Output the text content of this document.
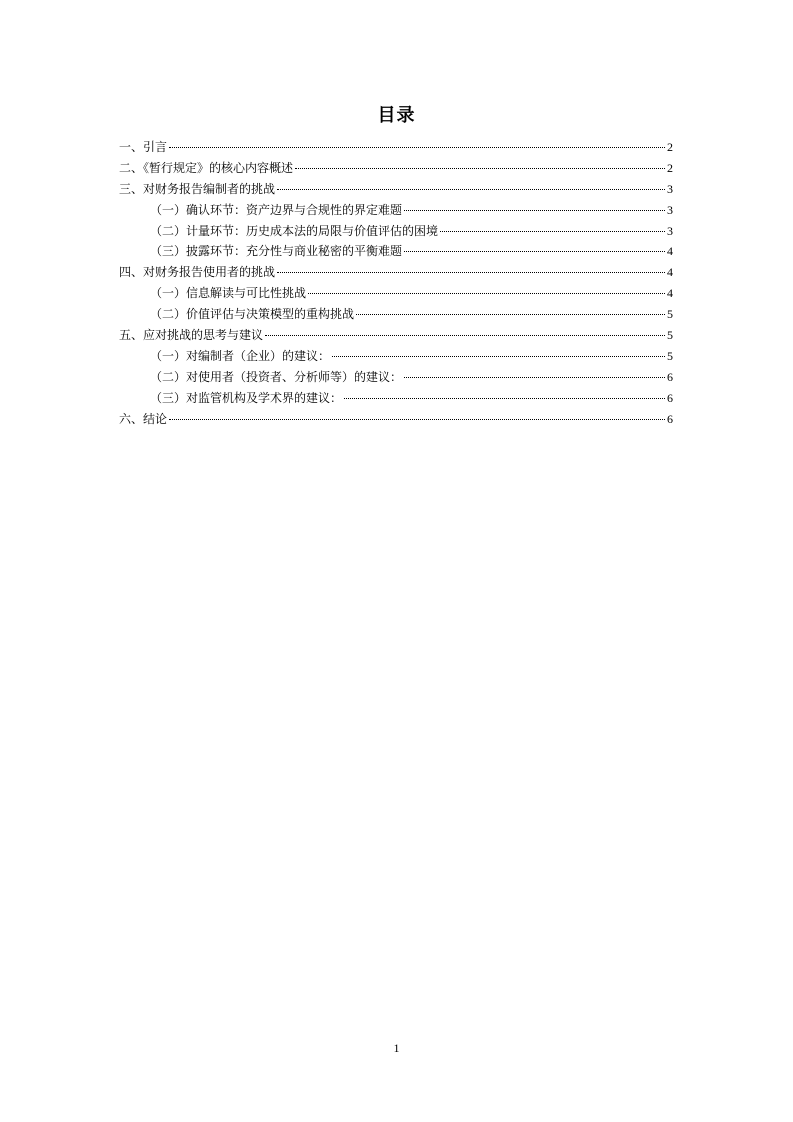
目录
一、引言	2
二、《暂行规定》的核心内容概述	2
三、对财务报告编制者的挑战	3
（一）确认环节：资产边界与合规性的界定难题	3
（二）计量环节：历史成本法的局限与价值评估的困境	3
（三）披露环节：充分性与商业秘密的平衡难题	4
四、对财务报告使用者的挑战	4
（一）信息解读与可比性挑战	4
（二）价值评估与决策模型的重构挑战	5
五、应对挑战的思考与建议	5
（一）对编制者（企业）的建议：	5
（二）对使用者（投资者、分析师等）的建议：	6
（三）对监管机构及学术界的建议：	6
六、结论	6
1
